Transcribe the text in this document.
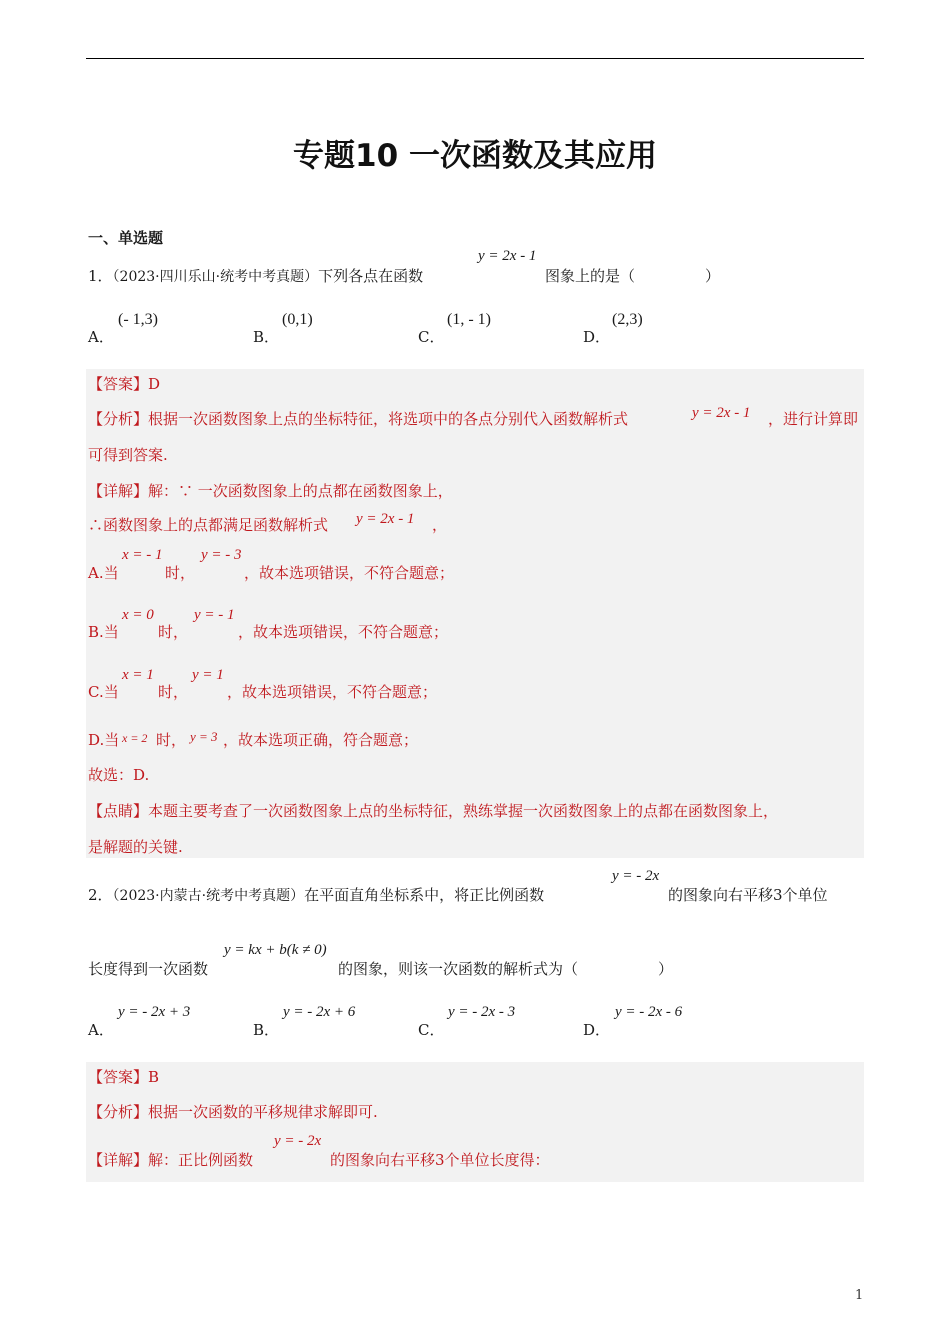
专题10 一次函数及其应用
一、单选题
1．（2023·四川乐山·统考中考真题）下列各点在函数
y = 2x - 1
图象上的是（	）
A．
(- 1,3)
B．
(0,1)
C．
(1, - 1)
D．
(2,3)
【答案】D
【分析】根据一次函数图象上点的坐标特征，将选项中的各点分别代入函数解析式	y = 2x - 1 ，进行计算即
可得到答案.
【详解】解：∵ 一次函数图象上的点都在函数图象上，
∴函数图象上的点都满足函数解析式 y = 2x - 1 ，
A.当
x = - 1
时，
y = - 3
，故本选项错误，不符合题意；
B.当
x = 0
时，
y = - 1
，故本选项错误，不符合题意；
C.当
x = 1
时，
y = 1
，故本选项错误，不符合题意；
D.当 x = 2 时， y = 3 ，故本选项正确，符合题意；
故选：D.
【点睛】本题主要考查了一次函数图象上点的坐标特征，熟练掌握一次函数图象上的点都在函数图象上，
是解题的关键.
2．（2023·内蒙古·统考中考真题）在平面直角坐标系中，将正比例函数
y = - 2x
的图象向右平移3个单位
长度得到一次函数
y = kx + b(k ≠ 0)
的图象，则该一次函数的解析式为（	）
A．
y = - 2x + 3
B．
y = - 2x + 6
C．
y = - 2x - 3
D．
y = - 2x - 6
【答案】B
【分析】根据一次函数的平移规律求解即可.
【详解】解：正比例函数
y = - 2x
的图象向右平移3个单位长度得：
1
